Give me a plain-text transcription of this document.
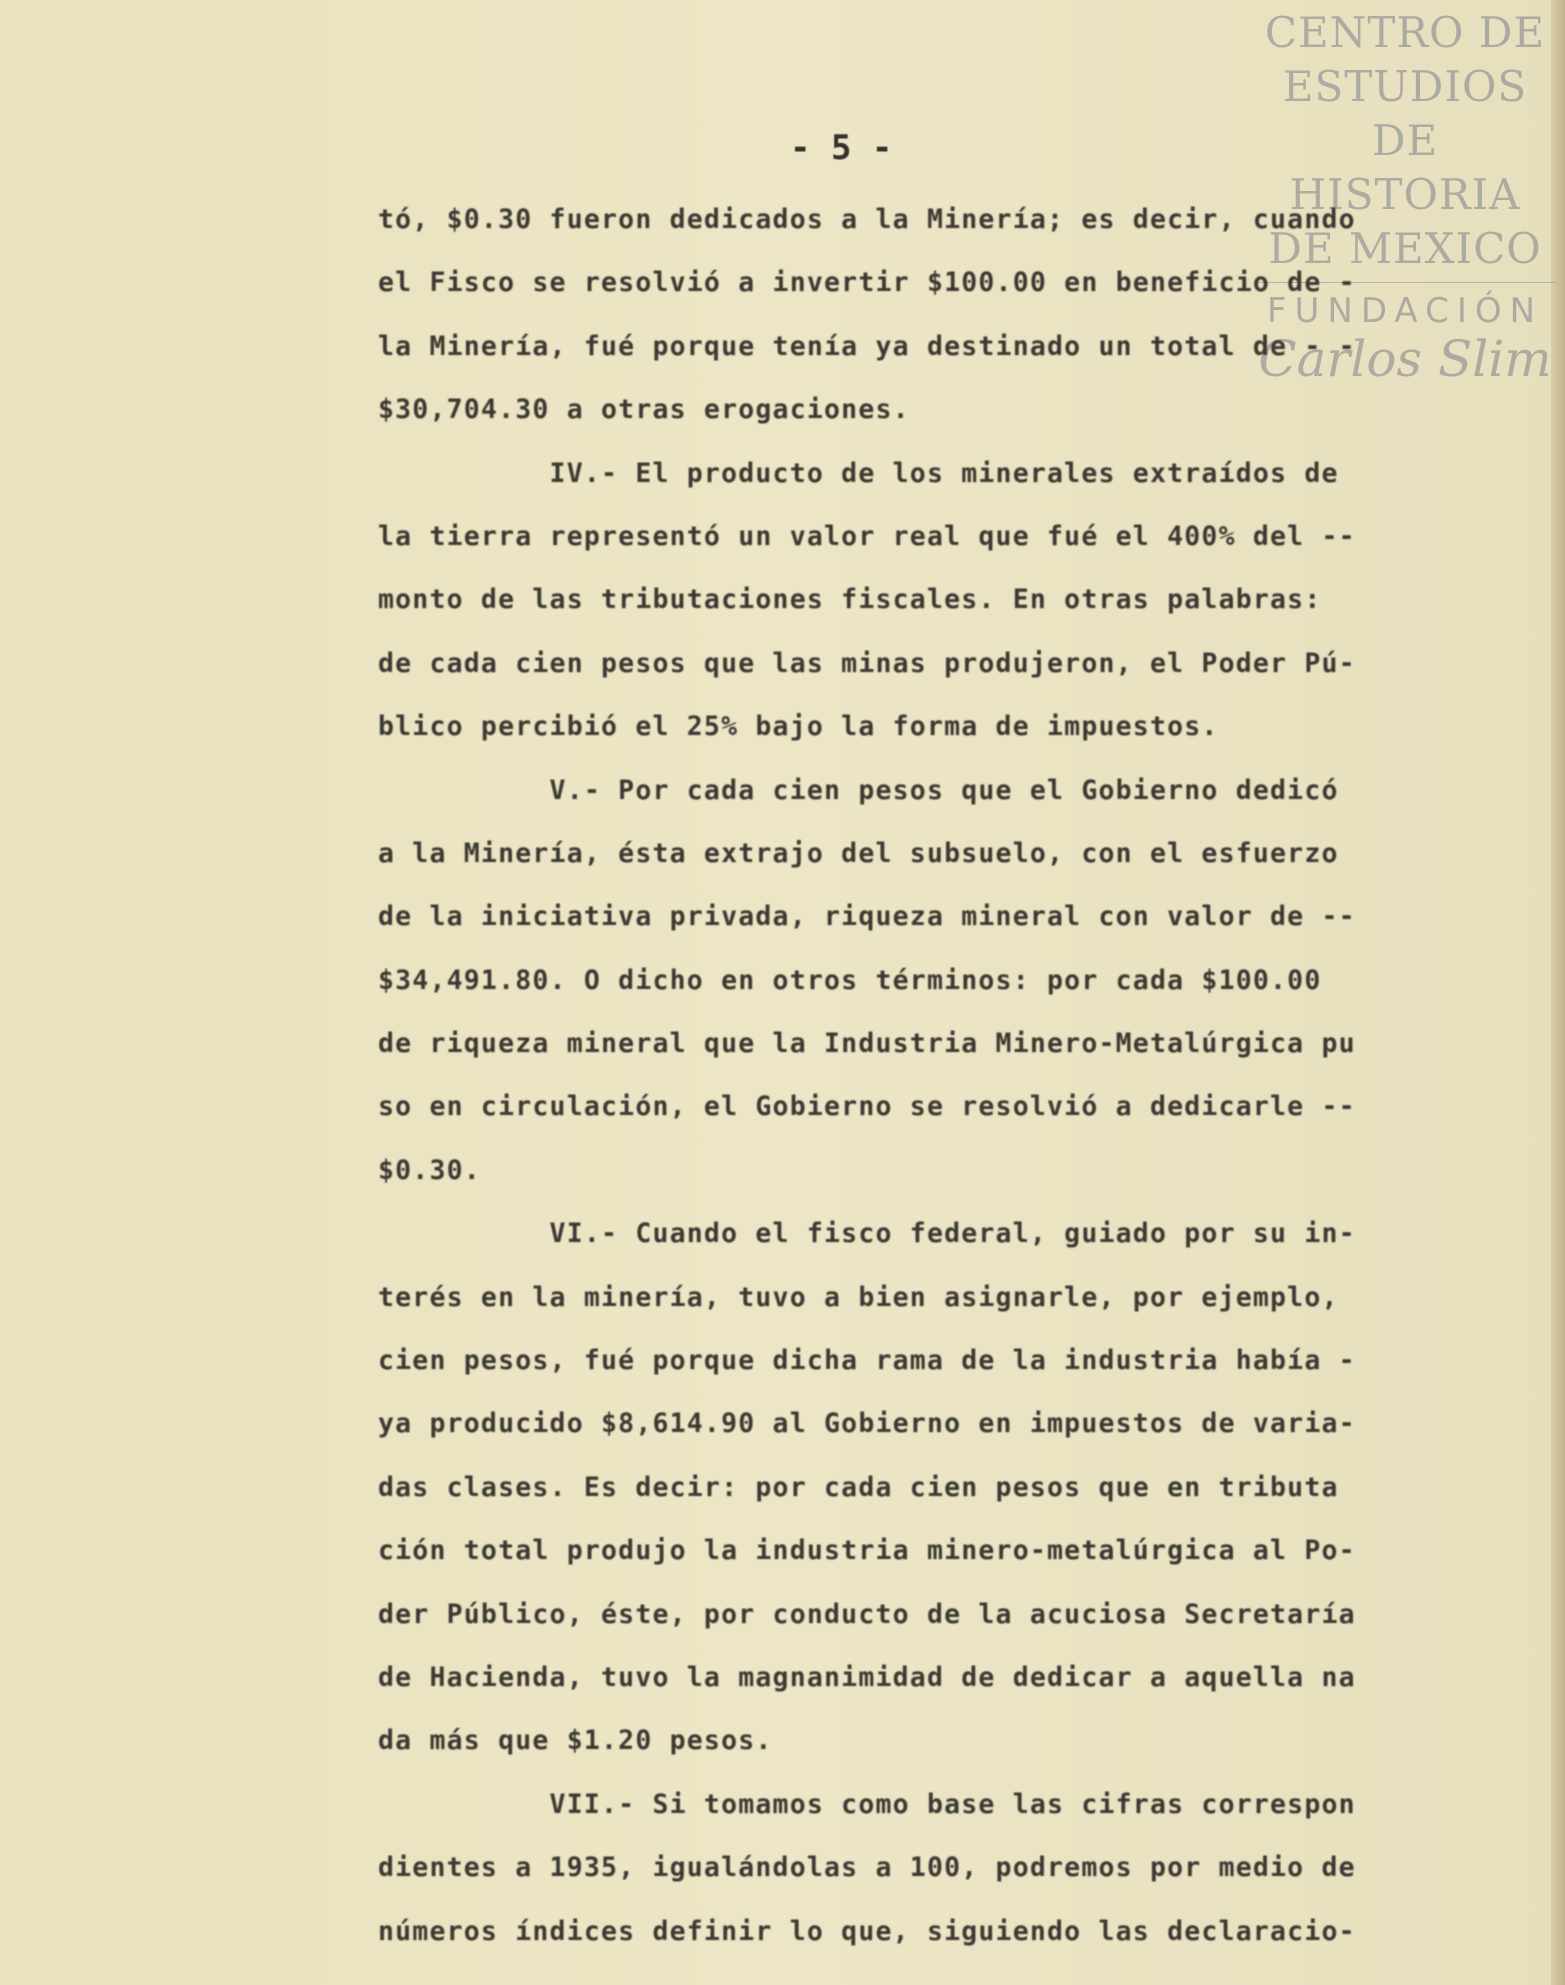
CENTRO DE
ESTUDIOS
DE HISTORIA
DE MEXICO
FUNDACIÓN
Carlos Slim
- 5 -
tó, $0.30 fueron dedicados a la Minería; es decir, cuando
el Fisco se resolvió a invertir $100.00 en beneficio de -
la Minería, fué porque tenía ya destinado un total de - -
$30,704.30 a otras erogaciones.
IV.- El producto de los minerales extraídos de
la tierra representó un valor real que fué el 400% del --
monto de las tributaciones fiscales. En otras palabras:
de cada cien pesos que las minas produjeron, el Poder Pú-
blico percibió el 25% bajo la forma de impuestos.
V.- Por cada cien pesos que el Gobierno dedicó
a la Minería, ésta extrajo del subsuelo, con el esfuerzo
de la iniciativa privada, riqueza mineral con valor de --
$34,491.80. O dicho en otros términos: por cada $100.00
de riqueza mineral que la Industria Minero-Metalúrgica pu
so en circulación, el Gobierno se resolvió a dedicarle --
$0.30.
VI.- Cuando el fisco federal, guiado por su in-
terés en la minería, tuvo a bien asignarle, por ejemplo,
cien pesos, fué porque dicha rama de la industria había -
ya producido $8,614.90 al Gobierno en impuestos de varia-
das clases. Es decir: por cada cien pesos que en tributa
ción total produjo la industria minero-metalúrgica al Po-
der Público, éste, por conducto de la acuciosa Secretaría
de Hacienda, tuvo la magnanimidad de dedicar a aquella na
da más que $1.20 pesos.
VII.- Si tomamos como base las cifras correspon
dientes a 1935, igualándolas a 100, podremos por medio de
números índices definir lo que, siguiendo las declaracio-
